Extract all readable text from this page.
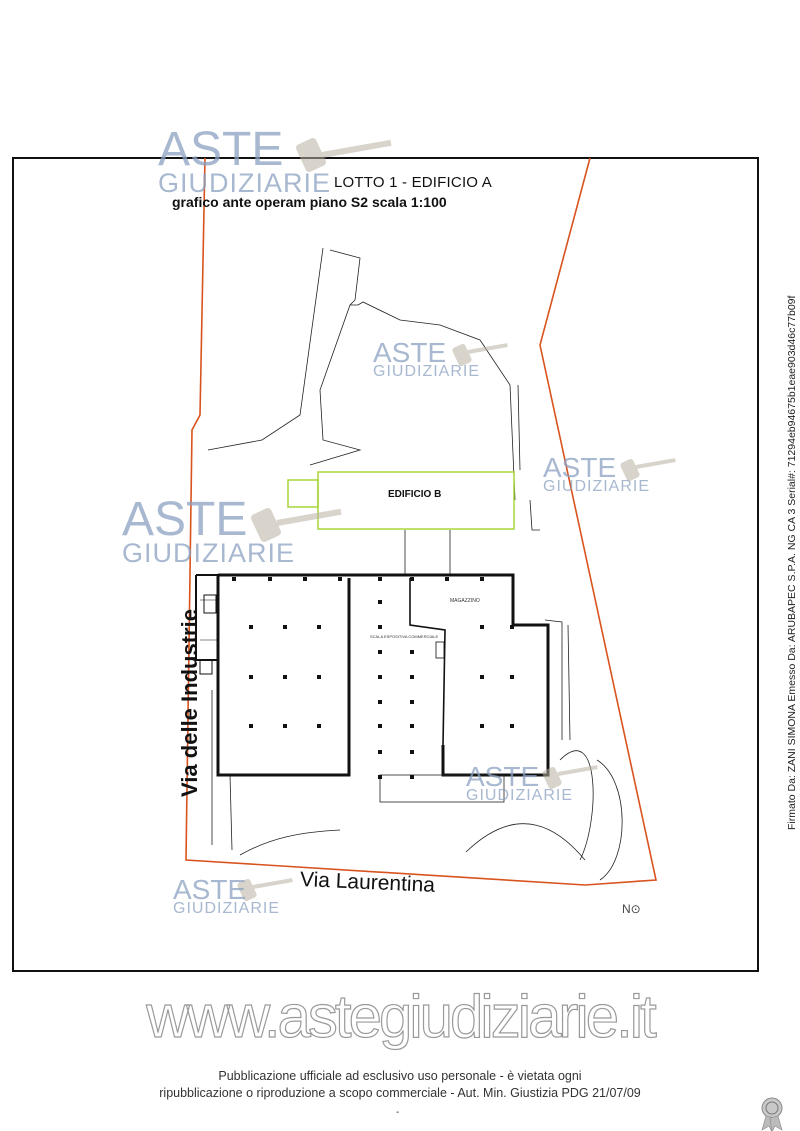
LOTTO 1 - EDIFICIO A
grafico ante operam piano S2 scala 1:100
EDIFICIO B
MAGAZZINO
SCALA ESPOSITIVA COMMERCIALE
Via delle Industrie
Via Laurentina
N⊙
ASTE
GIUDIZIARIE
ASTE
GIUDIZIARIE
ASTE
GIUDIZIARIE
ASTE
GIUDIZIARIE
ASTE
GIUDIZIARIE
ASTE
GIUDIZIARIE
www.astegiudiziarie.it
Pubblicazione ufficiale ad esclusivo uso personale - è vietata ogni
ripubblicazione o riproduzione a scopo commerciale - Aut. Min. Giustizia PDG 21/07/09
-
Firmato Da: ZANI SIMONA Emesso Da: ARUBAPEC S.P.A. NG CA 3 Serial#: 71294eb94675b1eae903d46c77b09f
